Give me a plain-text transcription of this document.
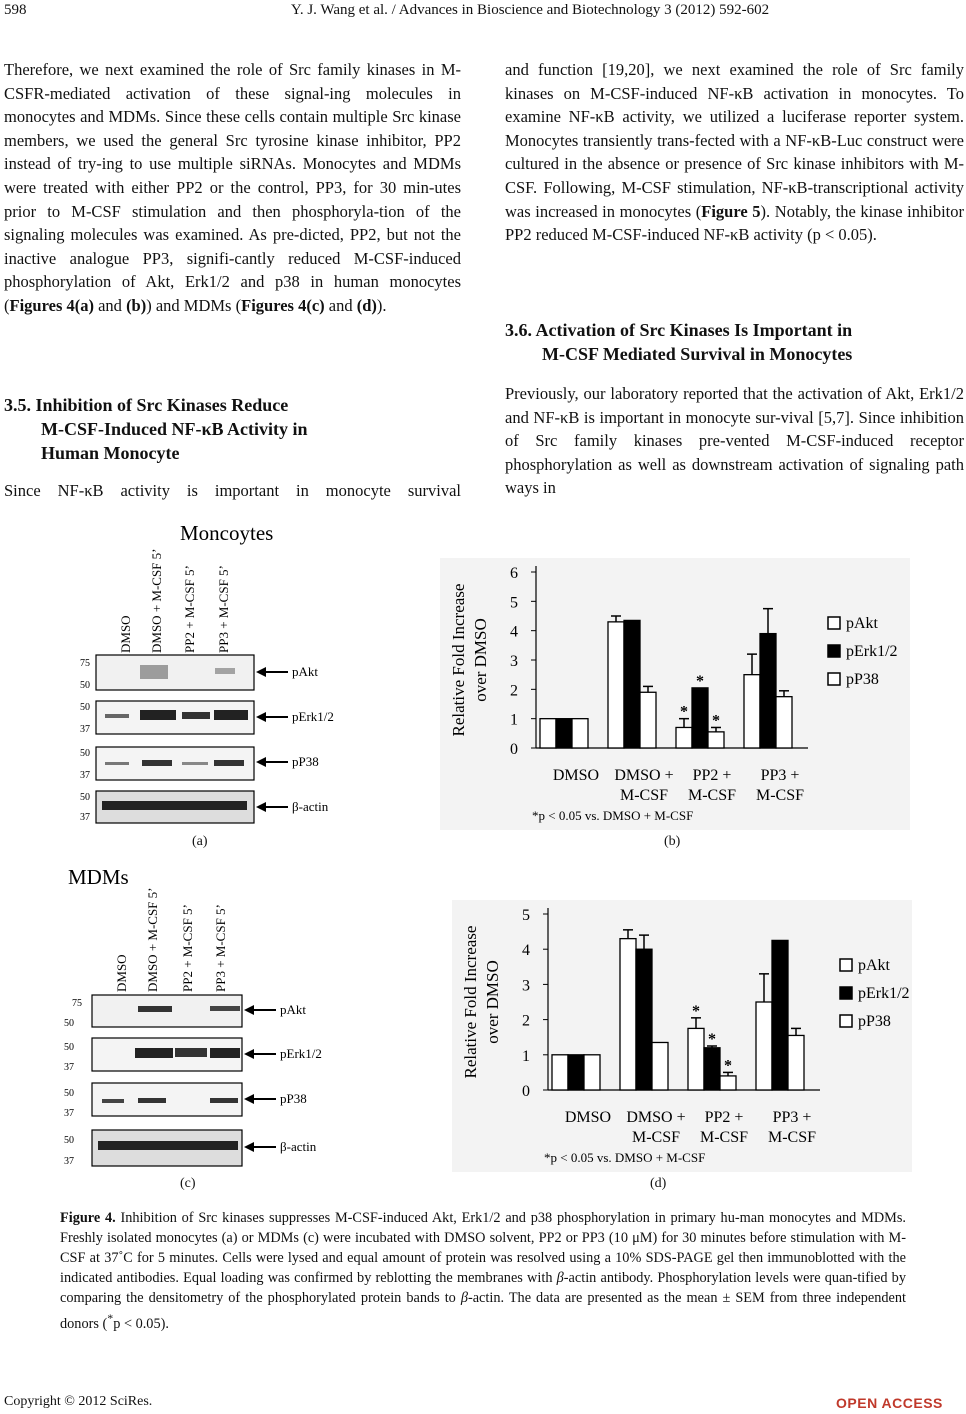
598	Y. J. Wang et al. / Advances in Bioscience and Biotechnology 3 (2012) 592-602

Therefore, we next examined the role of Src family kinases in M-CSFR-mediated activation of these signal-ing molecules in monocytes and MDMs. Since these cells contain multiple Src kinase members, we used the general Src tyrosine kinase inhibitor, PP2 instead of try-ing to use multiple siRNAs. Monocytes and MDMs were treated with either PP2 or the control, PP3, for 30 min-utes prior to M-CSF stimulation and then phosphoryla-tion of the signaling molecules was examined. As pre-dicted, PP2, but not the inactive analogue PP3, signifi-cantly reduced M-CSF-induced phosphorylation of Akt, Erk1/2 and p38 in human monocytes (Figures 4(a) and (b)) and MDMs (Figures 4(c) and (d)).

3.5. Inhibition of Src Kinases Reduce
M-CSF-Induced NF-κB Activity in
Human Monocyte
Since NF-κB activity is important in monocyte survival

and function [19,20], we next examined the role of Src family kinases on M-CSF-induced NF-κB activation in monocytes. To examine NF-κB activity, we utilized a luciferase reporter system. Monocytes transiently trans-fected with a NF-κB-Luc construct were cultured in the absence or presence of Src kinase inhibitors with M-CSF. Following, M-CSF stimulation, NF-κB-transcriptional activity was increased in monocytes (Figure 5). Notably, the kinase inhibitor PP2 reduced M-CSF-induced NF-κB activity (p < 0.05).

3.6. Activation of Src Kinases Is Important in
M-CSF Mediated Survival in Monocytes
Previously, our laboratory reported that the activation of Akt, Erk1/2 and NF-κB is important in monocyte sur-vival [5,7]. Since inhibition of Src family kinases pre-vented M-CSF-induced receptor phosphorylation as well as downstream activation of signaling path ways in
Moncoytes
DMSO DMSO + M-CSF 5’ PP2 + M-CSF 5’ PP3 + M-CSF 5’
75
50
50
37
50
37
50
37
pAkt
pErk1/2
pP38
β-actin
(a)
MDMs
DMSO DMSO + M-CSF 5’ PP2 + M-CSF 5’ PP3 + M-CSF 5’
75
50
50
37
50
37
50
37
pAkt
pErk1/2
pP38
β-actin
(c)
0
1
2
3
4
5
6
Relative Fold Increase over DMSO
DMSO DMSO +
M-CSF
*
*
*
PP2 +
M-CSF
PP3 +
M-CSF
pAkt
pErk1/2
pP38
*p < 0.05 vs. DMSO + M-CSF
(b)
0
1
2
3
4
5
Relative Fold Increase over DMSO
DMSO DMSO +
M-CSF
*
*
*
PP2 +
M-CSF
PP3 +
M-CSF
pAkt
pErk1/2
pP38
*p < 0.05 vs. DMSO + M-CSF
(d)
Figure 4. Inhibition of Src kinases suppresses M-CSF-induced Akt, Erk1/2 and p38 phosphorylation in primary hu-man monocytes and MDMs. Freshly isolated monocytes (a) or MDMs (c) were incubated with DMSO solvent, PP2 or PP3 (10 μM) for 30 minutes before stimulation with M-CSF at 37˚C for 5 minutes. Cells were lysed and equal amount of protein was resolved using a 10% SDS-PAGE gel then immunoblotted with the indicated antibodies. Equal loading was confirmed by reblotting the membranes with β-actin antibody. Phosphorylation levels were quan-tified by comparing the densitometry of the phosphorylated protein bands to β-actin. The data are presented as the mean ± SEM from three independent donors (*p < 0.05).
Copyright © 2012 SciRes.	OPEN ACCESS
